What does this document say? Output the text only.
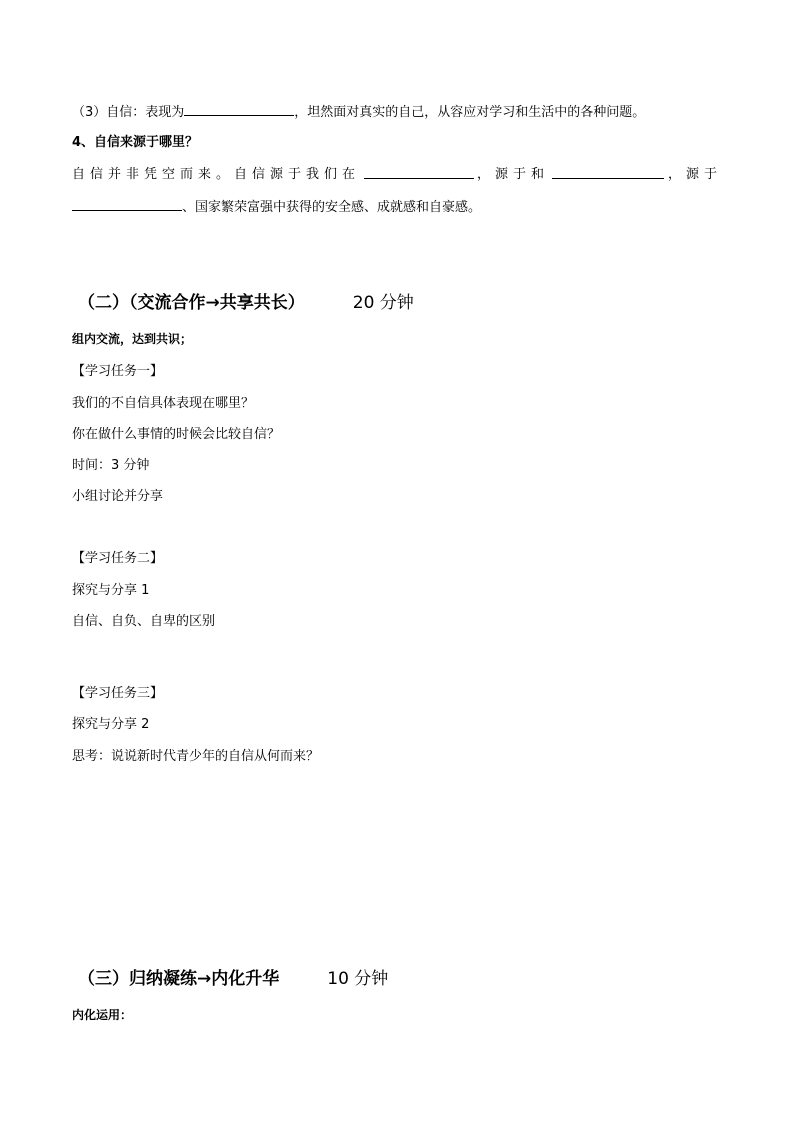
（3）自信：表现为	，坦然面对真实的自己，从容应对学习和生活中的各种问题。
4、自信来源于哪里？
自信并非凭空而来。自信源于我们在	，源于和	，源于
、国家繁荣富强中获得的安全感、成就感和自豪感。
（二）（交流合作→共享共长）	20 分钟
组内交流，达到共识；
【学习任务一】
我们的不自信具体表现在哪里？
你在做什么事情的时候会比较自信？
时间：3 分钟
小组讨论并分享
【学习任务二】
探究与分享 1
自信、自负、自卑的区别
【学习任务三】
探究与分享 2
思考：说说新时代青少年的自信从何而来？
（三）归纳凝练→内化升华	10 分钟
内化运用：
